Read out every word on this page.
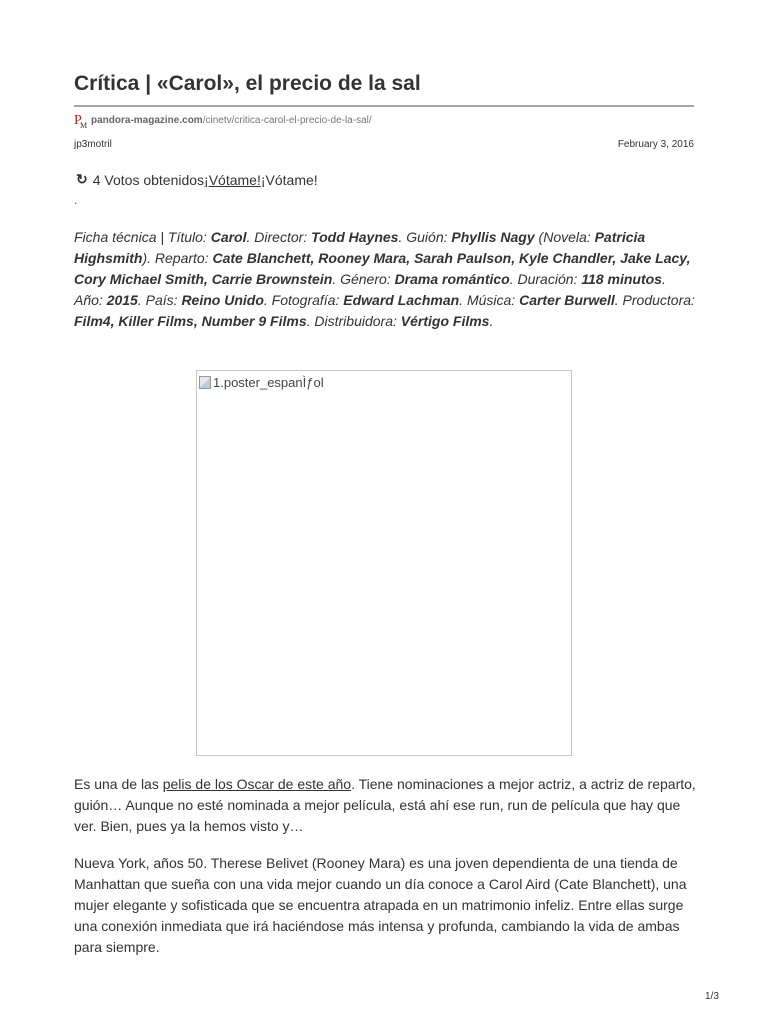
Crítica | «Carol», el precio de la sal
P
M pandora-magazine.com /cinetv/critica-carol-el-precio-de-la-sal/
jp3motril	February 3, 2016
↻ 4 Votos obtenidos ¡Vótame! ¡Vótame!
.

Ficha técnica | Título: Carol. Director: Todd Haynes. Guión: Phyllis Nagy (Novela: Patricia Highsmith). Reparto: Cate Blanchett, Rooney Mara, Sarah Paulson, Kyle Chandler, Jake Lacy, Cory Michael Smith, Carrie Brownstein. Género: Drama romántico. Duración: 118 minutos. Año: 2015. País: Reino Unido. Fotografía: Edward Lachman. Música: Carter Burwell. Productora: Film4, Killer Films, Number 9 Films. Distribuidora: Vértigo Films.

1.poster_espanÌƒol

Es una de las pelis de los Oscar de este año. Tiene nominaciones a mejor actriz, a actriz de reparto, guión… Aunque no esté nominada a mejor película, está ahí ese run, run de película que hay que ver. Bien, pues ya la hemos visto y…

Nueva York, años 50. Therese Belivet (Rooney Mara) es una joven dependienta de una tienda de Manhattan que sueña con una vida mejor cuando un día conoce a Carol Aird (Cate Blanchett), una mujer elegante y sofisticada que se encuentra atrapada en un matrimonio infeliz. Entre ellas surge una conexión inmediata que irá haciéndose más intensa y profunda, cambiando la vida de ambas para siempre.

1/3
